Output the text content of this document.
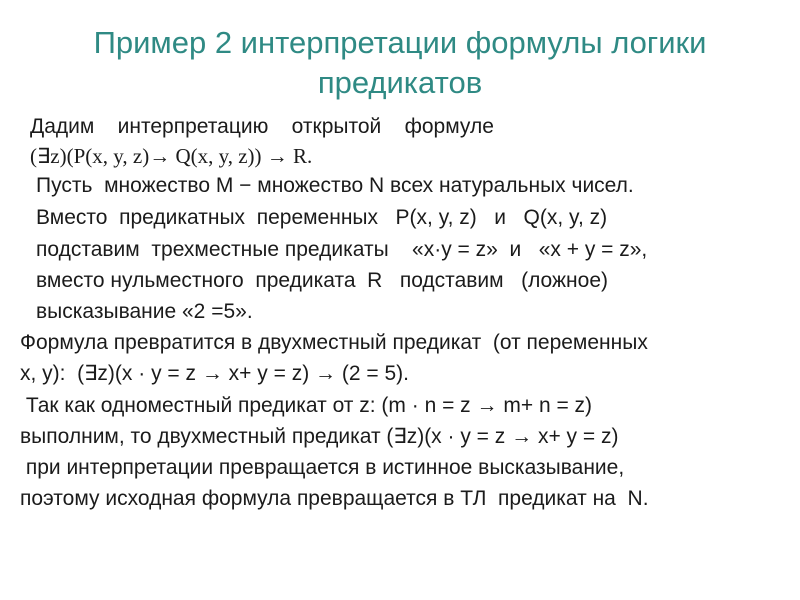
Пример 2 интерпретации формулы логики
предикатов
Дадим    интерпретацию    открытой    формуле
(∃z)(P(x, y, z)→ Q(x, y, z)) → R.
Пусть  множество М − множество N всех натуральных чисел.
Вместо  предикатных  переменных   P(x, y, z)   и   Q(x, y, z)
подставим  трехместные предикаты    «x·y = z»  и   «x + y = z»,
вместо нульместного  предиката  R   подставим   (ложное)
высказывание «2 =5».
Формула превратится в двухместный предикат  (от переменных
x, y):  (∃z)(x · y = z → x+ y = z) → (2 = 5).
Так как одноместный предикат от z: (m · n = z → m+ n = z)
выполним, то двухместный предикат (∃z)(x · y = z → x+ y = z)
при интерпретации превращается в истинное высказывание,
поэтому исходная формула превращается в ТЛ  предикат на  N.
